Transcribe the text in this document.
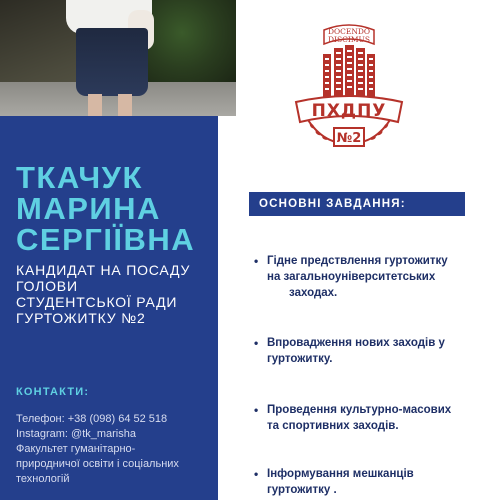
ТКАЧУК
МАРИНА
СЕРГІЇВНА
КАНДИДАТ НА ПОСАДУ
ГОЛОВИ
СТУДЕНТСЬКОЇ РАДИ
ГУРТОЖИТКУ №2
КОНТАКТИ:
Телефон: +38 (098) 64 52 518
Instagram: @tk_marisha
Факультет гуманітарно-
природничої освіти і соціальних
технологій
DOCENDO
DISCIMUS
ПХДПУ
№2
ОСНОВНІ ЗАВДАННЯ:
• Гідне предствлення гуртожитку
на загальноуніверситетських
заходах.
• Впровадження нових заходів у
гуртожитку.
• Проведення культурно-масових
та спортивних заходів.
• Інформування мешканців
гуртожитку .
